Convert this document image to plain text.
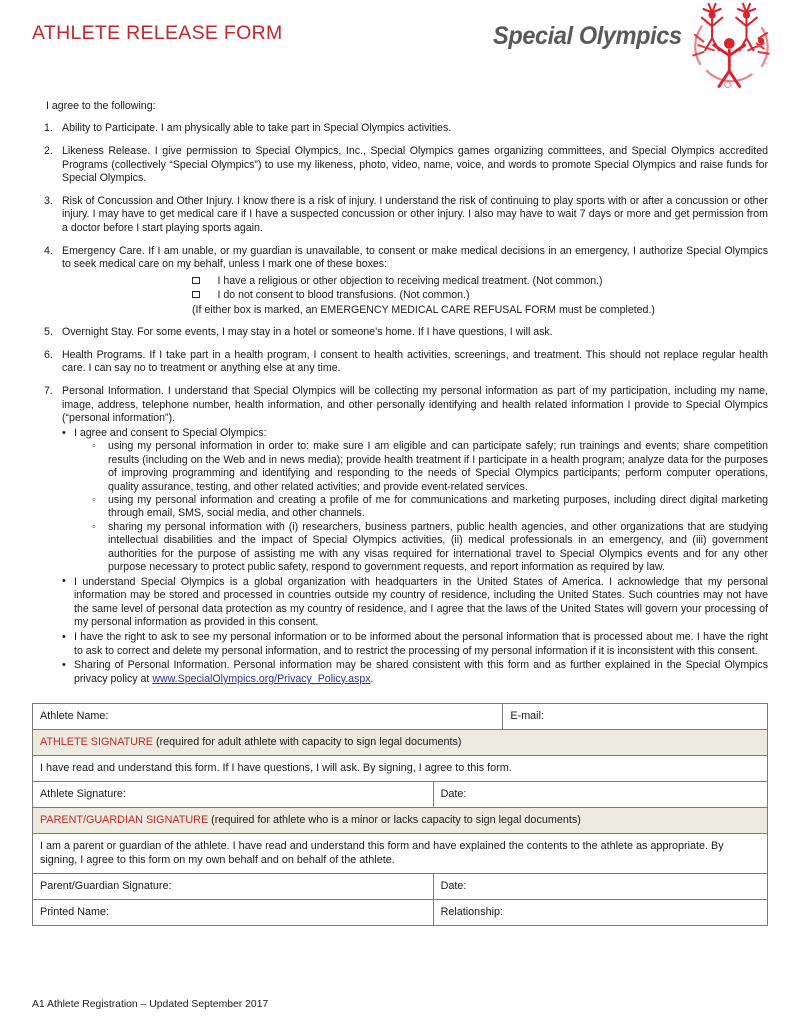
ATHLETE RELEASE FORM	Special Olympics
I agree to the following:
1. Ability to Participate. I am physically able to take part in Special Olympics activities.
2. Likeness Release. I give permission to Special Olympics, Inc., Special Olympics games organizing committees, and Special Olympics accredited Programs (collectively “Special Olympics”) to use my likeness, photo, video, name, voice, and words to promote Special Olympics and raise funds for Special Olympics.
3. Risk of Concussion and Other Injury. I know there is a risk of injury. I understand the risk of continuing to play sports with or after a concussion or other injury. I may have to get medical care if I have a suspected concussion or other injury. I also may have to wait 7 days or more and get permission from a doctor before I start playing sports again.
4. Emergency Care. If I am unable, or my guardian is unavailable, to consent or make medical decisions in an emergency, I authorize Special Olympics to seek medical care on my behalf, unless I mark one of these boxes:
I have a religious or other objection to receiving medical treatment. (Not common.)
I do not consent to blood transfusions. (Not common.)
(If either box is marked, an EMERGENCY MEDICAL CARE REFUSAL FORM must be completed.)
5. Overnight Stay. For some events, I may stay in a hotel or someone’s home. If I have questions, I will ask.
6. Health Programs. If I take part in a health program, I consent to health activities, screenings, and treatment. This should not replace regular health care. I can say no to treatment or anything else at any time.
7. Personal Information. I understand that Special Olympics will be collecting my personal information as part of my participation, including my name, image, address, telephone number, health information, and other personally identifying and health related information I provide to Special Olympics (“personal information”).
• I agree and consent to Special Olympics:
◦ using my personal information in order to: make sure I am eligible and can participate safely; run trainings and events; share competition results (including on the Web and in news media); provide health treatment if I participate in a health program; analyze data for the purposes of improving programming and identifying and responding to the needs of Special Olympics participants; perform computer operations, quality assurance, testing, and other related activities; and provide event-related services.
◦ using my personal information and creating a profile of me for communications and marketing purposes, including direct digital marketing through email, SMS, social media, and other channels.
◦ sharing my personal information with (i) researchers, business partners, public health agencies, and other organizations that are studying intellectual disabilities and the impact of Special Olympics activities, (ii) medical professionals in an emergency, and (iii) government authorities for the purpose of assisting me with any visas required for international travel to Special Olympics events and for any other purpose necessary to protect public safety, respond to government requests, and report information as required by law.
• I understand Special Olympics is a global organization with headquarters in the United States of America. I acknowledge that my personal information may be stored and processed in countries outside my country of residence, including the United States. Such countries may not have the same level of personal data protection as my country of residence, and I agree that the laws of the United States will govern your processing of my personal information as provided in this consent.
• I have the right to ask to see my personal information or to be informed about the personal information that is processed about me. I have the right to ask to correct and delete my personal information, and to restrict the processing of my personal information if it is inconsistent with this consent.
• Sharing of Personal Information. Personal information may be shared consistent with this form and as further explained in the Special Olympics privacy policy at www.SpecialOlympics.org/Privacy_Policy.aspx.
Athlete Name:		E-mail:
ATHLETE SIGNATURE (required for adult athlete with capacity to sign legal documents)		
I have read and understand this form. If I have questions, I will ask. By signing, I agree to this form.		
Athlete Signature:	Date:	
PARENT/GUARDIAN SIGNATURE (required for athlete who is a minor or lacks capacity to sign legal documents)		
I am a parent or guardian of the athlete. I have read and understand this form and have explained the contents to the athlete as appropriate. By signing, I agree to this form on my own behalf and on behalf of the athlete.		
Parent/Guardian Signature:	Date:	
Printed Name:	Relationship:	
A1 Athlete Registration – Updated September 2017
